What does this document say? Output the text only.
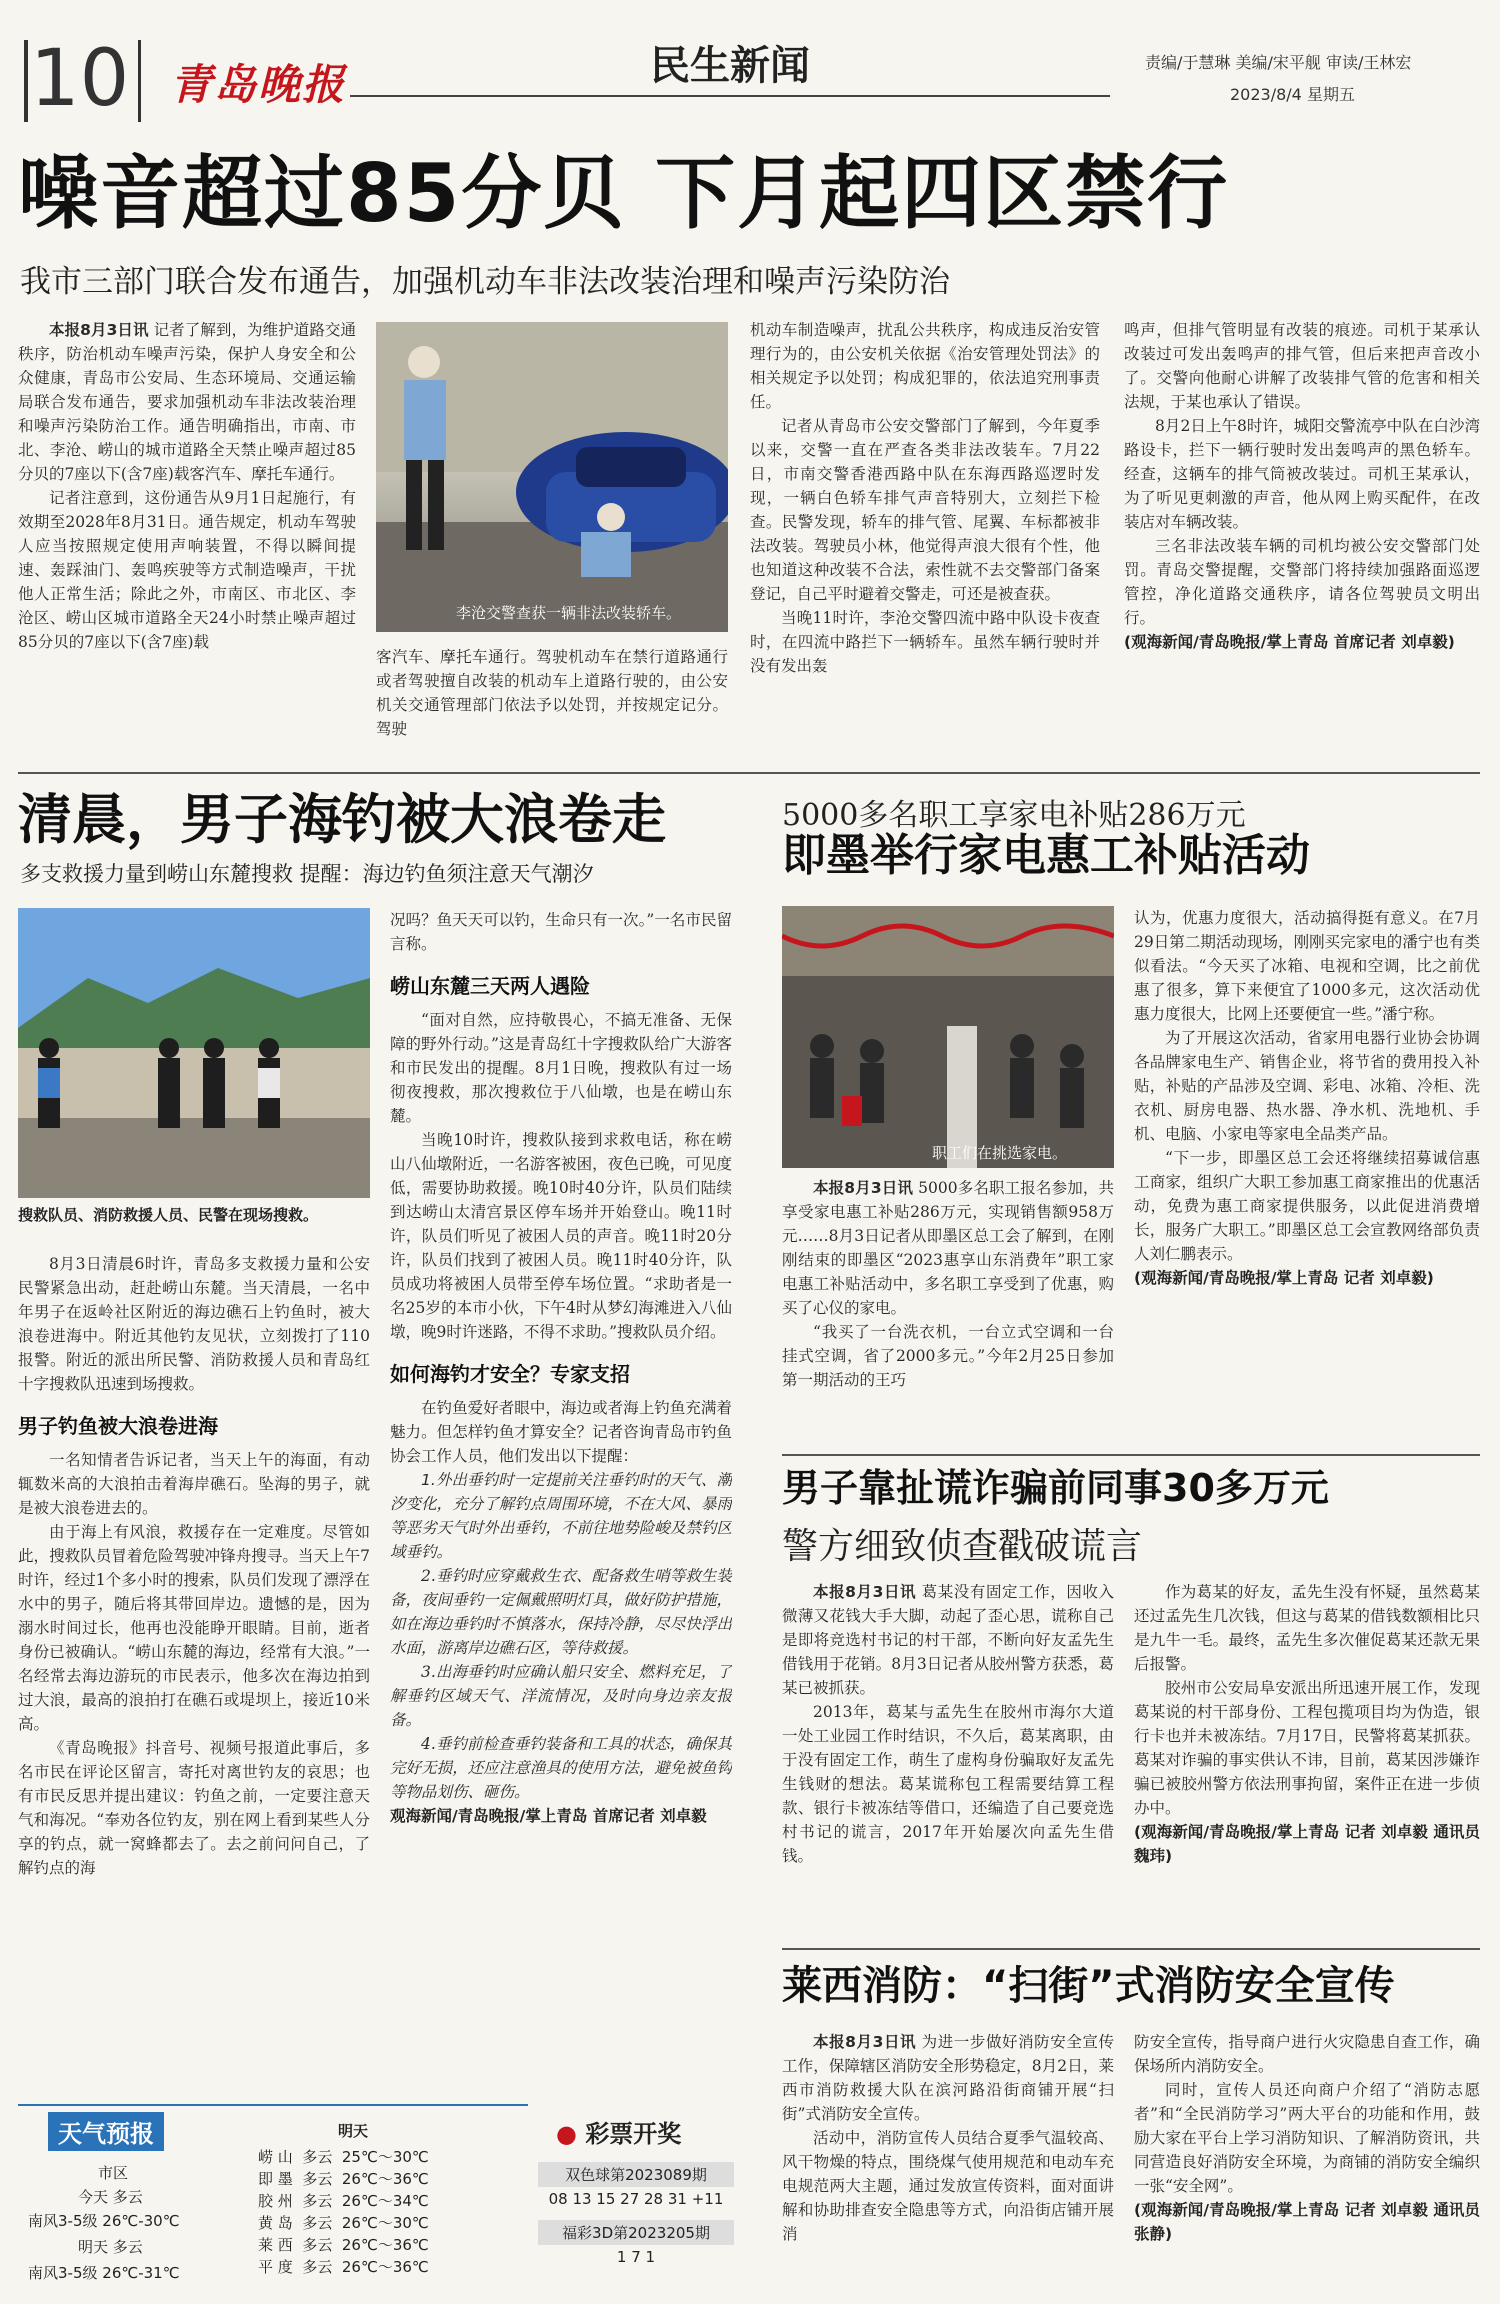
10 青岛晚报	民生新闻	责编/于慧琳 美编/宋平舰 审读/王林宏
2023/8/4 星期五
噪音超过85分贝 下月起四区禁行
我市三部门联合发布通告，加强机动车非法改装治理和噪声污染防治

本报8月3日讯 记者了解到，为维护道路交通秩序，防治机动车噪声污染，保护人身安全和公众健康，青岛市公安局、生态环境局、交通运输局联合发布通告，要求加强机动车非法改装治理和噪声污染防治工作。通告明确指出，市南、市北、李沧、崂山的城市道路全天禁止噪声超过85分贝的7座以下(含7座)载客汽车、摩托车通行。

记者注意到，这份通告从9月1日起施行，有效期至2028年8月31日。通告规定，机动车驾驶人应当按照规定使用声响装置，不得以瞬间提速、轰踩油门、轰鸣疾驶等方式制造噪声，干扰他人正常生活；除此之外，市南区、市北区、李沧区、崂山区城市道路全天24小时禁止噪声超过85分贝的7座以下(含7座)载

李沧交警查获一辆非法改装轿车。

客汽车、摩托车通行。驾驶机动车在禁行道路通行或者驾驶擅自改装的机动车上道路行驶的，由公安机关交通管理部门依法予以处罚，并按规定记分。驾驶

机动车制造噪声，扰乱公共秩序，构成违反治安管理行为的，由公安机关依据《治安管理处罚法》的相关规定予以处罚；构成犯罪的，依法追究刑事责任。

记者从青岛市公安交警部门了解到，今年夏季以来，交警一直在严查各类非法改装车。7月22日，市南交警香港西路中队在东海西路巡逻时发现，一辆白色轿车排气声音特别大，立刻拦下检查。民警发现，轿车的排气管、尾翼、车标都被非法改装。驾驶员小林，他觉得声浪大很有个性，他也知道这种改装不合法，索性就不去交警部门备案登记，自己平时避着交警走，可还是被查获。

当晚11时许，李沧交警四流中路中队设卡夜查时，在四流中路拦下一辆轿车。虽然车辆行驶时并没有发出轰

鸣声，但排气管明显有改装的痕迹。司机于某承认改装过可发出轰鸣声的排气管，但后来把声音改小了。交警向他耐心讲解了改装排气管的危害和相关法规，于某也承认了错误。

8月2日上午8时许，城阳交警流亭中队在白沙湾路设卡，拦下一辆行驶时发出轰鸣声的黑色轿车。经查，这辆车的排气筒被改装过。司机王某承认，为了听见更刺激的声音，他从网上购买配件，在改装店对车辆改装。

三名非法改装车辆的司机均被公安交警部门处罚。青岛交警提醒，交警部门将持续加强路面巡逻管控，净化道路交通秩序，请各位驾驶员文明出行。

(观海新闻/青岛晚报/掌上青岛 首席记者 刘卓毅)

清晨，男子海钓被大浪卷走
多支救援力量到崂山东麓搜救 提醒：海边钓鱼须注意天气潮汐
搜救队员、消防救援人员、民警在现场搜救。

8月3日清晨6时许，青岛多支救援力量和公安民警紧急出动，赶赴崂山东麓。当天清晨，一名中年男子在返岭社区附近的海边礁石上钓鱼时，被大浪卷进海中。附近其他钓友见状，立刻拨打了110报警。附近的派出所民警、消防救援人员和青岛红十字搜救队迅速到场搜救。

男子钓鱼被大浪卷进海

一名知情者告诉记者，当天上午的海面，有动辄数米高的大浪拍击着海岸礁石。坠海的男子，就是被大浪卷进去的。

由于海上有风浪，救援存在一定难度。尽管如此，搜救队员冒着危险驾驶冲锋舟搜寻。当天上午7时许，经过1个多小时的搜索，队员们发现了漂浮在水中的男子，随后将其带回岸边。遗憾的是，因为溺水时间过长，他再也没能睁开眼睛。目前，逝者身份已被确认。“崂山东麓的海边，经常有大浪。”一名经常去海边游玩的市民表示，他多次在海边拍到过大浪，最高的浪拍打在礁石或堤坝上，接近10米高。

《青岛晚报》抖音号、视频号报道此事后，多名市民在评论区留言，寄托对离世钓友的哀思；也有市民反思并提出建议：钓鱼之前，一定要注意天气和海况。“奉劝各位钓友，别在网上看到某些人分享的钓点，就一窝蜂都去了。去之前问问自己，了解钓点的海

况吗？鱼天天可以钓，生命只有一次。”一名市民留言称。

崂山东麓三天两人遇险

“面对自然，应持敬畏心，不搞无准备、无保障的野外行动。”这是青岛红十字搜救队给广大游客和市民发出的提醒。8月1日晚，搜救队有过一场彻夜搜救，那次搜救位于八仙墩，也是在崂山东麓。

当晚10时许，搜救队接到求救电话，称在崂山八仙墩附近，一名游客被困，夜色已晚，可见度低，需要协助救援。晚10时40分许，队员们陆续到达崂山太清宫景区停车场并开始登山。晚11时许，队员们听见了被困人员的声音。晚11时20分许，队员们找到了被困人员。晚11时40分许，队员成功将被困人员带至停车场位置。“求助者是一名25岁的本市小伙，下午4时从梦幻海滩进入八仙墩，晚9时许迷路，不得不求助。”搜救队员介绍。

如何海钓才安全？专家支招

在钓鱼爱好者眼中，海边或者海上钓鱼充满着魅力。但怎样钓鱼才算安全？记者咨询青岛市钓鱼协会工作人员，他们发出以下提醒：

1.外出垂钓时一定提前关注垂钓时的天气、潮汐变化，充分了解钓点周围环境，不在大风、暴雨等恶劣天气时外出垂钓，不前往地势险峻及禁钓区域垂钓。

2.垂钓时应穿戴救生衣、配备救生哨等救生装备，夜间垂钓一定佩戴照明灯具，做好防护措施，如在海边垂钓时不慎落水，保持冷静，尽尽快浮出水面，游离岸边礁石区，等待救援。

3.出海垂钓时应确认船只安全、燃料充足，了解垂钓区域天气、洋流情况，及时向身边亲友报备。

4.垂钓前检查垂钓装备和工具的状态，确保其完好无损，还应注意渔具的使用方法，避免被鱼钩等物品划伤、砸伤。

观海新闻/青岛晚报/掌上青岛 首席记者 刘卓毅

5000多名职工享家电补贴286万元
即墨举行家电惠工补贴活动
职工们在挑选家电。

本报8月3日讯 5000多名职工报名参加，共享受家电惠工补贴286万元，实现销售额958万元……8月3日记者从即墨区总工会了解到，在刚刚结束的即墨区“2023惠享山东消费年”职工家电惠工补贴活动中，多名职工享受到了优惠，购买了心仪的家电。

“我买了一台洗衣机，一台立式空调和一台挂式空调，省了2000多元。”今年2月25日参加第一期活动的王巧

认为，优惠力度很大，活动搞得挺有意义。在7月29日第二期活动现场，刚刚买完家电的潘宁也有类似看法。“今天买了冰箱、电视和空调，比之前优惠了很多，算下来便宜了1000多元，这次活动优惠力度很大，比网上还要便宜一些。”潘宁称。

为了开展这次活动，省家用电器行业协会协调各品牌家电生产、销售企业，将节省的费用投入补贴，补贴的产品涉及空调、彩电、冰箱、冷柜、洗衣机、厨房电器、热水器、净水机、洗地机、手机、电脑、小家电等家电全品类产品。

“下一步，即墨区总工会还将继续招募诚信惠工商家，组织广大职工参加惠工商家推出的优惠活动，免费为惠工商家提供服务，以此促进消费增长，服务广大职工。”即墨区总工会宣教网络部负责人刘仁鹏表示。

(观海新闻/青岛晚报/掌上青岛 记者 刘卓毅)

男子靠扯谎诈骗前同事30多万元
警方细致侦查戳破谎言

本报8月3日讯 葛某没有固定工作，因收入微薄又花钱大手大脚，动起了歪心思，谎称自己是即将竞选村书记的村干部，不断向好友孟先生借钱用于花销。8月3日记者从胶州警方获悉，葛某已被抓获。

2013年，葛某与孟先生在胶州市海尔大道一处工业园工作时结识，不久后，葛某离职，由于没有固定工作，萌生了虚构身份骗取好友孟先生钱财的想法。葛某谎称包工程需要结算工程款、银行卡被冻结等借口，还编造了自己要竞选村书记的谎言，2017年开始屡次向孟先生借钱。

作为葛某的好友，孟先生没有怀疑，虽然葛某还过孟先生几次钱，但这与葛某的借钱数额相比只是九牛一毛。最终，孟先生多次催促葛某还款无果后报警。

胶州市公安局阜安派出所迅速开展工作，发现葛某说的村干部身份、工程包揽项目均为伪造，银行卡也并未被冻结。7月17日，民警将葛某抓获。葛某对诈骗的事实供认不讳，目前，葛某因涉嫌诈骗已被胶州警方依法刑事拘留，案件正在进一步侦办中。

(观海新闻/青岛晚报/掌上青岛 记者 刘卓毅 通讯员 魏玮)

莱西消防：“扫街”式消防安全宣传

本报8月3日讯 为进一步做好消防安全宣传工作，保障辖区消防安全形势稳定，8月2日，莱西市消防救援大队在滨河路沿街商铺开展“扫街”式消防安全宣传。

活动中，消防宣传人员结合夏季气温较高、风干物燥的特点，围绕煤气使用规范和电动车充电规范两大主题，通过发放宣传资料，面对面讲解和协助排查安全隐患等方式，向沿街店铺开展消

防安全宣传，指导商户进行火灾隐患自查工作，确保场所内消防安全。

同时，宣传人员还向商户介绍了“消防志愿者”和“全民消防学习”两大平台的功能和作用，鼓励大家在平台上学习消防知识、了解消防资讯，共同营造良好消防安全环境，为商铺的消防安全编织一张“安全网”。

(观海新闻/青岛晚报/掌上青岛 记者 刘卓毅 通讯员 张静)

天气预报
市区
今天 多云
南风3-5级 26℃-30℃
明天 多云
南风3-5级 26℃-31℃
明天
崂 山 多云 25℃～30℃
即 墨 多云 26℃～36℃
胶 州 多云 26℃～34℃
黄 岛 多云 26℃～30℃
莱 西 多云 26℃～36℃
平 度 多云 26℃～36℃
● 彩票开奖
双色球第2023089期
08 13 15 27 28 31 +11
福彩3D第2023205期
1 7 1
